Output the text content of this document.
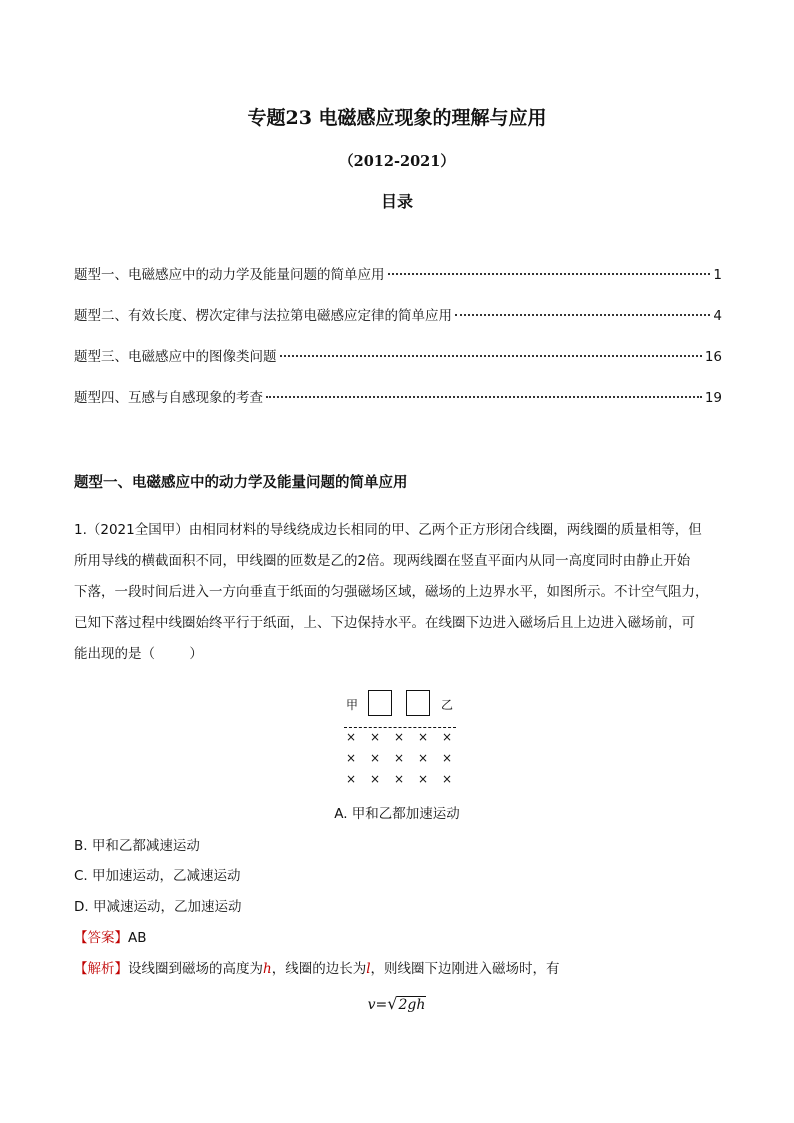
专题23 电磁感应现象的理解与应用
（2012-2021）
目录
题型一、电磁感应中的动力学及能量问题的简单应用	1
题型二、有效长度、楞次定律与法拉第电磁感应定律的简单应用	4
题型三、电磁感应中的图像类问题	16
题型四、互感与自感现象的考查	19
题型一、电磁感应中的动力学及能量问题的简单应用
1.（2021全国甲）由相同材料的导线绕成边长相同的甲、乙两个正方形闭合线圈，两线圈的质量相等，但
所用导线的横截面积不同，甲线圈的匝数是乙的2倍。现两线圈在竖直平面内从同一高度同时由静止开始
下落，一段时间后进入一方向垂直于纸面的匀强磁场区域，磁场的上边界水平，如图所示。不计空气阻力，
已知下落过程中线圈始终平行于纸面，上、下边保持水平。在线圈下边进入磁场后且上边进入磁场前，可
能出现的是（        ）
甲	乙
× × × × ×
× × × × ×
× × × × ×
A. 甲和乙都加速运动
B. 甲和乙都减速运动
C. 甲加速运动，乙减速运动
D. 甲减速运动，乙加速运动
【答案】AB
【解析】设线圈到磁场的高度为h，线圈的边长为l，则线圈下边刚进入磁场时，有
v=√2gh
